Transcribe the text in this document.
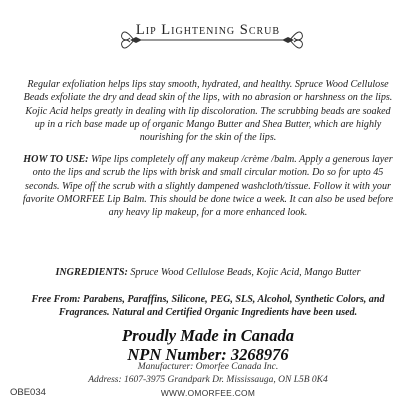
Lip Lightening Scrub
Regular exfoliation helps lips stay smooth, hydrated, and healthy. Spruce Wood Cellulose Beads exfoliate the dry and dead skin of the lips, with no abrasion or harshness on the lips. Kojic Acid helps greatly in dealing with lip discoloration. The scrubbing beads are soaked up in a rich base made up of organic Mango Butter and Shea Butter, which are highly nourishing for the skin of the lips.
HOW TO USE: Wipe lips completely off any makeup /crème /balm. Apply a generous layer onto the lips and scrub the lips with brisk and small circular motion. Do so for upto 45 seconds. Wipe off the scrub with a slightly dampened washcloth/tissue. Follow it with your favorite OMORFEE Lip Balm. This should be done twice a week. It can also be used before any heavy lip makeup, for a more enhanced look.
INGREDIENTS: Spruce Wood Cellulose Beads, Kojic Acid, Mango Butter
Free From: Parabens, Paraffins, Silicone, PEG, SLS, Alcohol, Synthetic Colors, and Fragrances. Natural and Certified Organic Ingredients have been used.
Proudly Made in Canada
NPN Number: 3268976
Manufacturer: Omorfee Canada Inc.
Address: 1607-3975 Grandpark Dr. Mississauga, ON L5B 0K4
OBE034	WWW.OMORFEE.COM
